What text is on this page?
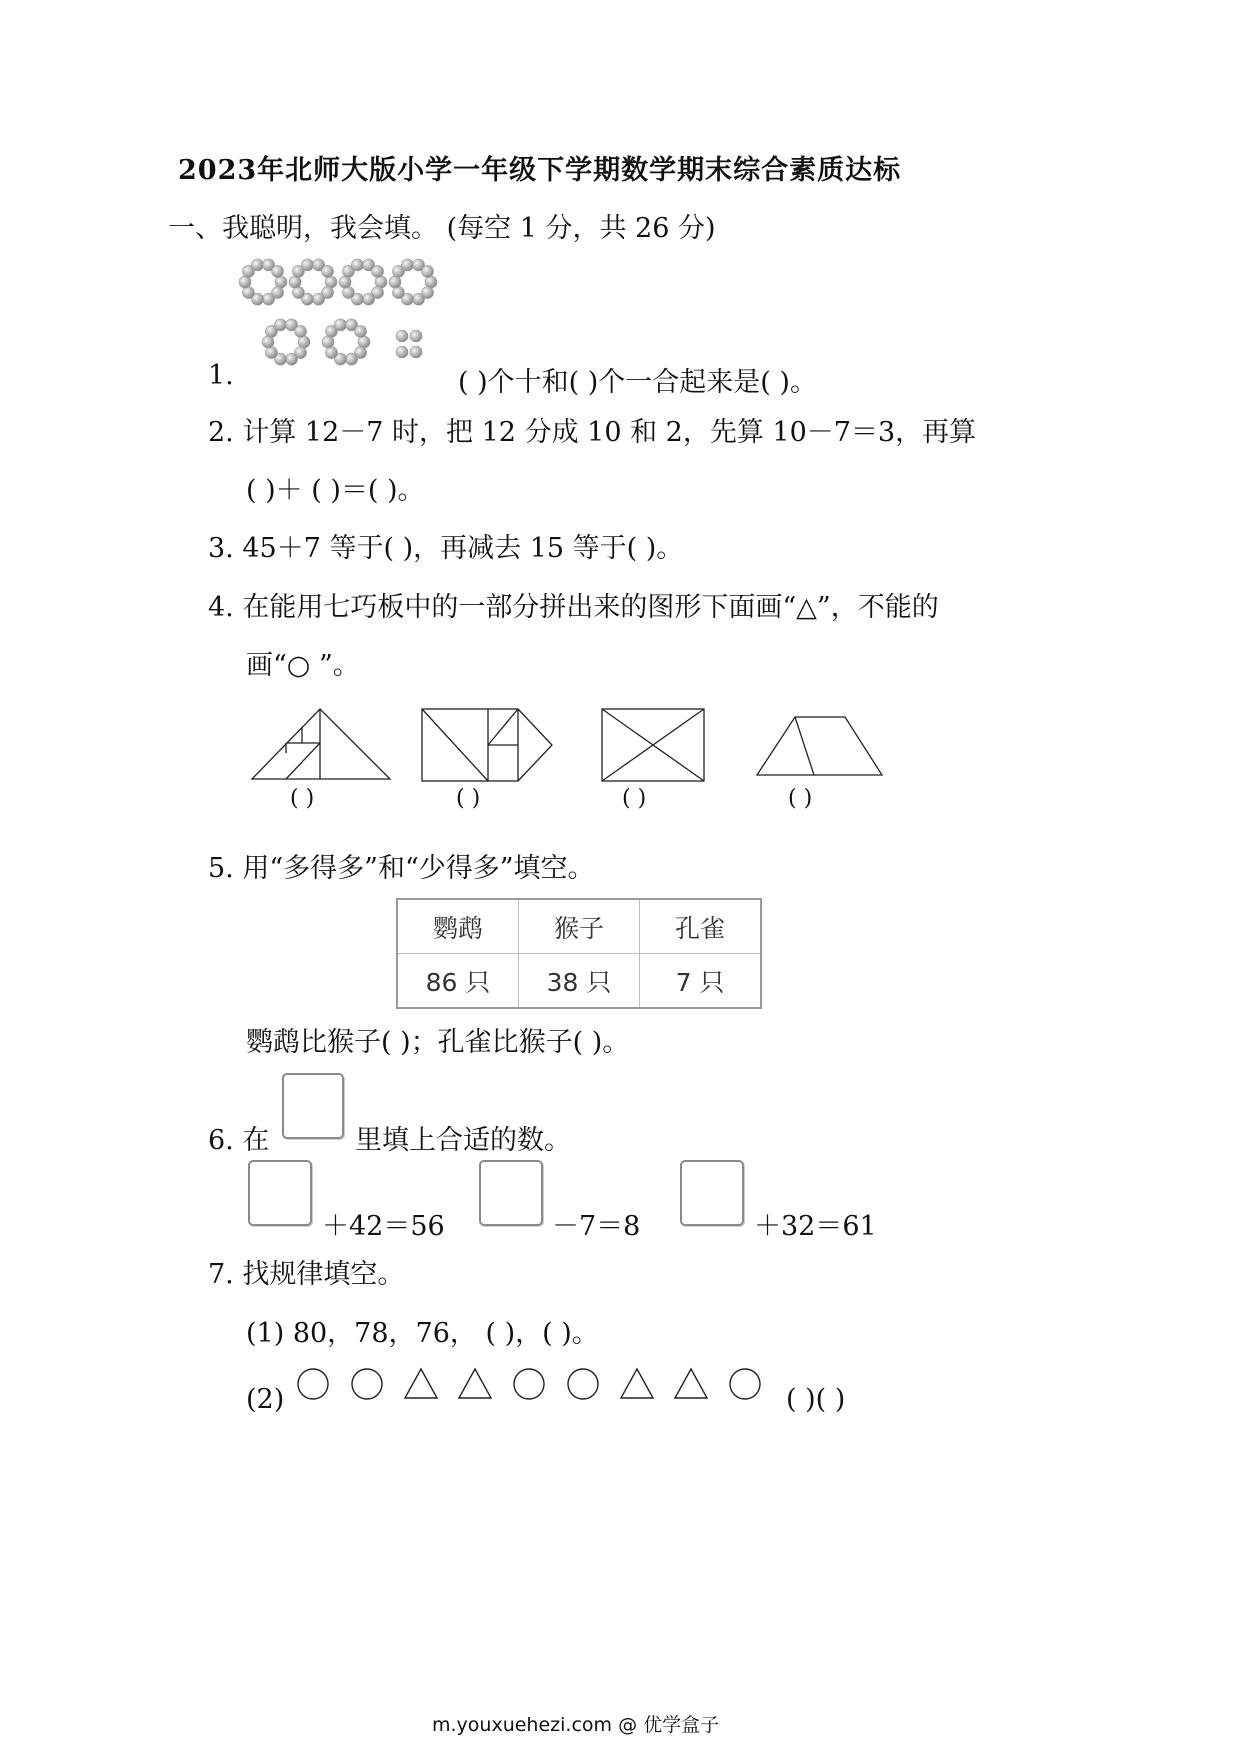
2023年北师大版小学一年级下学期数学期末综合素质达标
一、我聪明，我会填。 (每空 1 分，共 26 分)
1.	( )个十和( )个一合起来是( )。
2. 计算 12－7 时，把 12 分成 10 和 2，先算 10－7＝3，再算
( )＋ ( )＝( )。
3. 45＋7 等于( )，再减去 15 等于( )。
4. 在能用七巧板中的一部分拼出来的图形下面画“△”，不能的
画“○ ”。
( )	( )	( )	( )
5. 用“多得多”和“少得多”填空。
鹦鹉	猴子	孔雀
86 只	38 只	7 只
鹦鹉比猴子( )；孔雀比猴子( )。
6. 在	里填上合适的数。
＋42＝56	－7＝8	＋32＝61
7. 找规律填空。
(1) 80，78，76， ( )，( )。
(2)	( )( )
m.youxuehezi.com @ 优学盒子
